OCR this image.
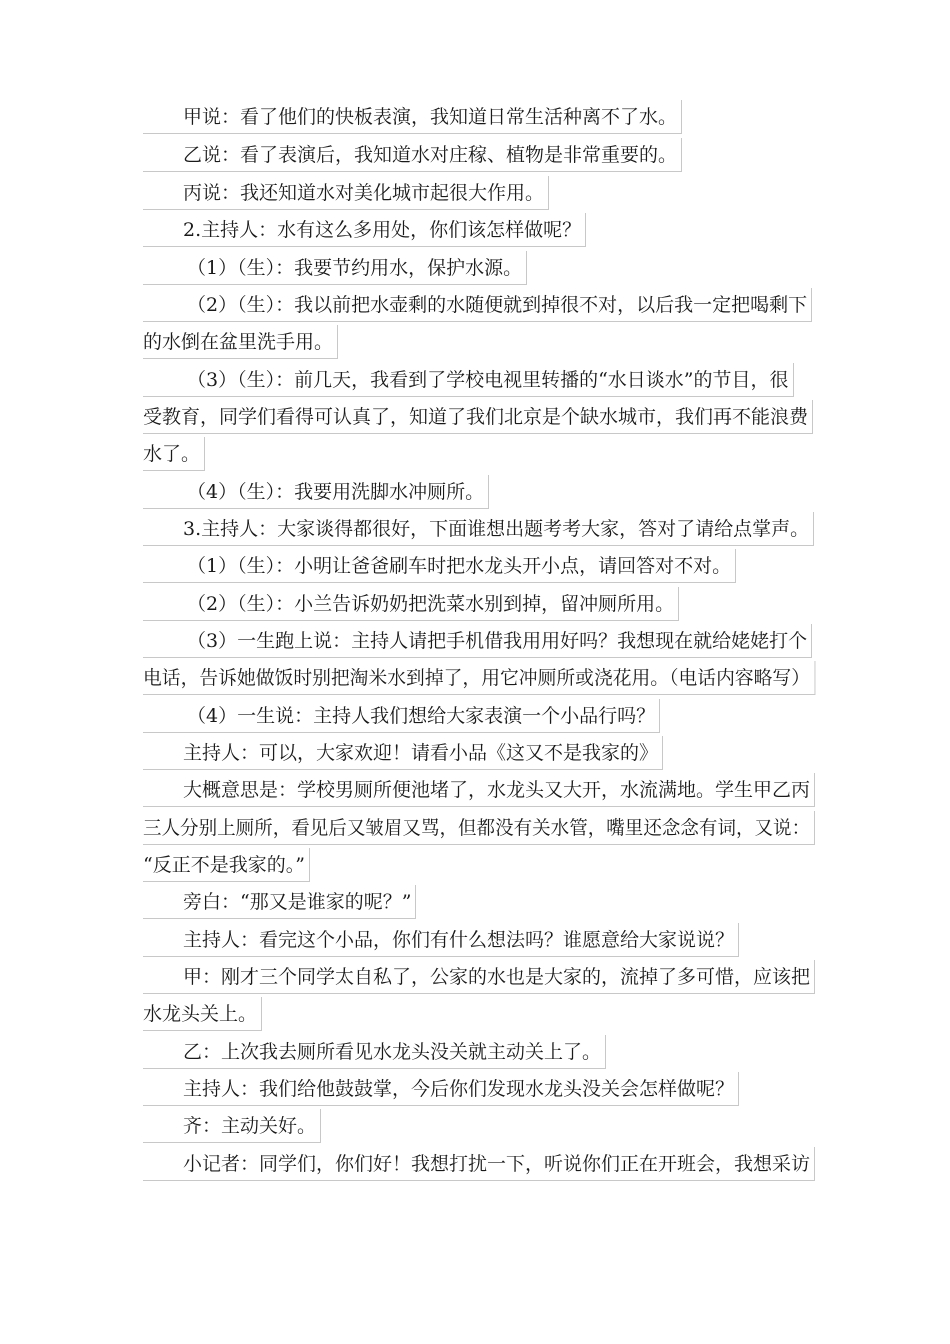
甲说：看了他们的快板表演，我知道日常生活种离不了水。
乙说：看了表演后，我知道水对庄稼、植物是非常重要的。
丙说：我还知道水对美化城市起很大作用。
2.主持人：水有这么多用处，你们该怎样做呢？
（1）（生）：我要节约用水，保护水源。
（2）（生）：我以前把水壶剩的水随便就到掉很不对，以后我一定把喝剩下
的水倒在盆里洗手用。
（3）（生）：前几天，我看到了学校电视里转播的“水日谈水”的节目，很
受教育，同学们看得可认真了，知道了我们北京是个缺水城市，我们再不能浪费
水了。
（4）（生）：我要用洗脚水冲厕所。
3.主持人：大家谈得都很好，下面谁想出题考考大家，答对了请给点掌声。
（1）（生）：小明让爸爸刷车时把水龙头开小点，请回答对不对。
（2）（生）：小兰告诉奶奶把洗菜水别到掉，留冲厕所用。
（3）一生跑上说：主持人请把手机借我用用好吗？我想现在就给姥姥打个
电话，告诉她做饭时别把淘米水到掉了，用它冲厕所或浇花用。（电话内容略写）
（4）一生说：主持人我们想给大家表演一个小品行吗？
主持人：可以，大家欢迎！请看小品《这又不是我家的》
大概意思是：学校男厕所便池堵了，水龙头又大开，水流满地。学生甲乙丙
三人分别上厕所，看见后又皱眉又骂，但都没有关水管，嘴里还念念有词，又说：
“反正不是我家的。”
旁白：“那又是谁家的呢？”
主持人：看完这个小品，你们有什么想法吗？谁愿意给大家说说？
甲：刚才三个同学太自私了，公家的水也是大家的，流掉了多可惜，应该把
水龙头关上。
乙：上次我去厕所看见水龙头没关就主动关上了。
主持人：我们给他鼓鼓掌，今后你们发现水龙头没关会怎样做呢？
齐：主动关好。
小记者：同学们，你们好！我想打扰一下，听说你们正在开班会，我想采访
